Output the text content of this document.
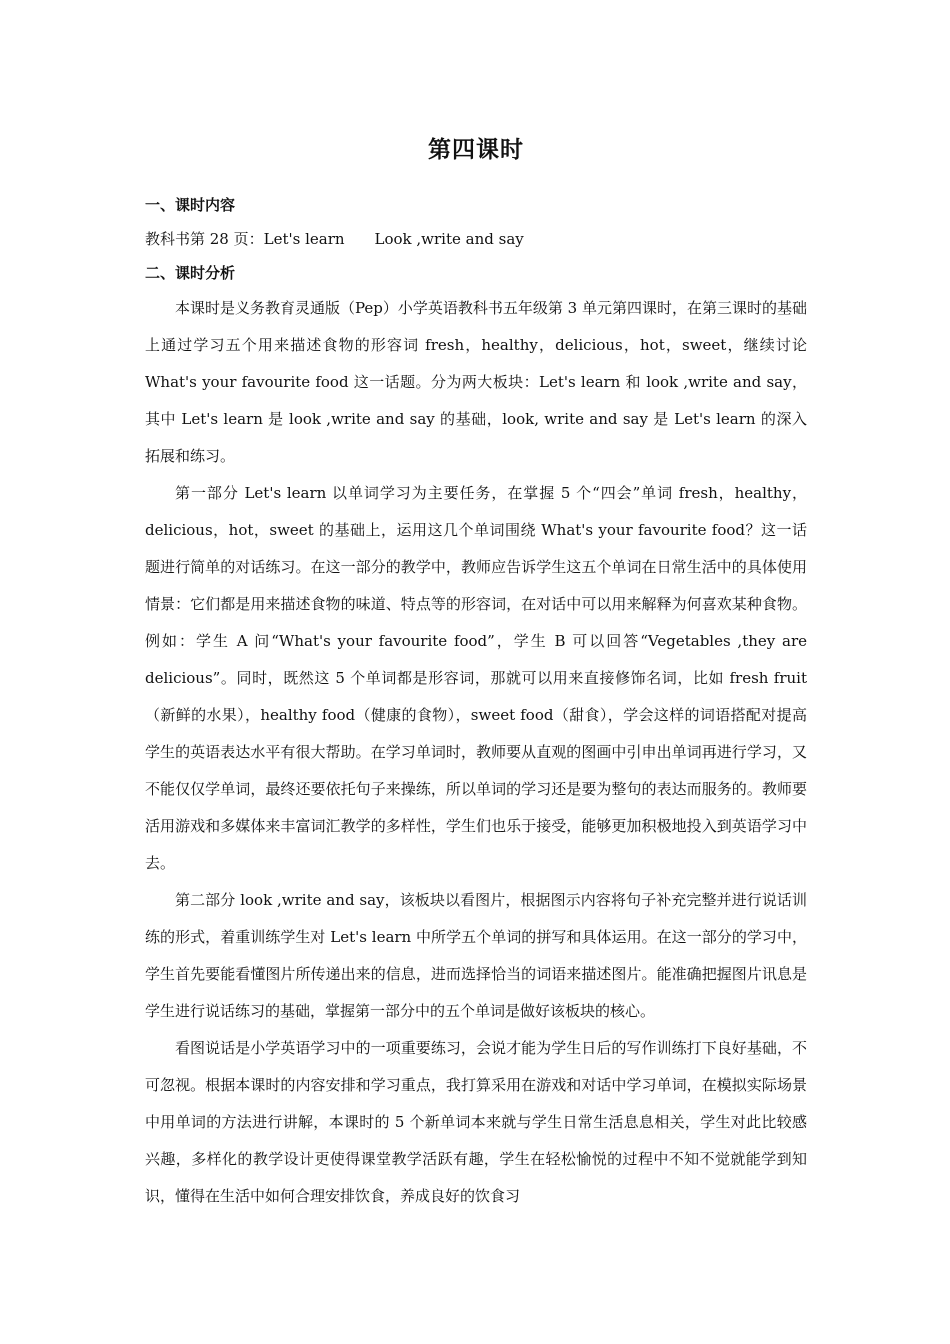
第四课时
一、课时内容

教科书第 28 页：Let's learn　　Look ,write and say

二、课时分析

本课时是义务教育灵通版（Pep）小学英语教科书五年级第 3 单元第四课时，在第三课时的基础上通过学习五个用来描述食物的形容词 fresh，healthy，delicious，hot，sweet，继续讨论 What's your favourite food 这一话题。分为两大板块：Let's learn 和 look ,write and say，其中 Let's learn 是 look ,write and say 的基础，look, write and say 是 Let's learn 的深入拓展和练习。

第一部分 Let's learn 以单词学习为主要任务，在掌握 5 个“四会”单词 fresh，healthy，delicious，hot，sweet 的基础上，运用这几个单词围绕 What's your favourite food？这一话题进行简单的对话练习。在这一部分的教学中，教师应告诉学生这五个单词在日常生活中的具体使用情景：它们都是用来描述食物的味道、特点等的形容词，在对话中可以用来解释为何喜欢某种食物。例如：学生 A 问“What's your favourite food”，学生 B 可以回答“Vegetables ,they are delicious”。同时，既然这 5 个单词都是形容词，那就可以用来直接修饰名词，比如 fresh fruit（新鲜的水果），healthy food（健康的食物），sweet food（甜食），学会这样的词语搭配对提高学生的英语表达水平有很大帮助。在学习单词时，教师要从直观的图画中引申出单词再进行学习，又不能仅仅学单词，最终还要依托句子来操练，所以单词的学习还是要为整句的表达而服务的。教师要活用游戏和多媒体来丰富词汇教学的多样性，学生们也乐于接受，能够更加积极地投入到英语学习中去。

第二部分 look ,write and say，该板块以看图片，根据图示内容将句子补充完整并进行说话训练的形式，着重训练学生对 Let's learn 中所学五个单词的拼写和具体运用。在这一部分的学习中，学生首先要能看懂图片所传递出来的信息，进而选择恰当的词语来描述图片。能准确把握图片讯息是学生进行说话练习的基础，掌握第一部分中的五个单词是做好该板块的核心。

看图说话是小学英语学习中的一项重要练习，会说才能为学生日后的写作训练打下良好基础，不可忽视。根据本课时的内容安排和学习重点，我打算采用在游戏和对话中学习单词，在模拟实际场景中用单词的方法进行讲解，本课时的 5 个新单词本来就与学生日常生活息息相关，学生对此比较感兴趣，多样化的教学设计更使得课堂教学活跃有趣，学生在轻松愉悦的过程中不知不觉就能学到知识，懂得在生活中如何合理安排饮食，养成良好的饮食习
